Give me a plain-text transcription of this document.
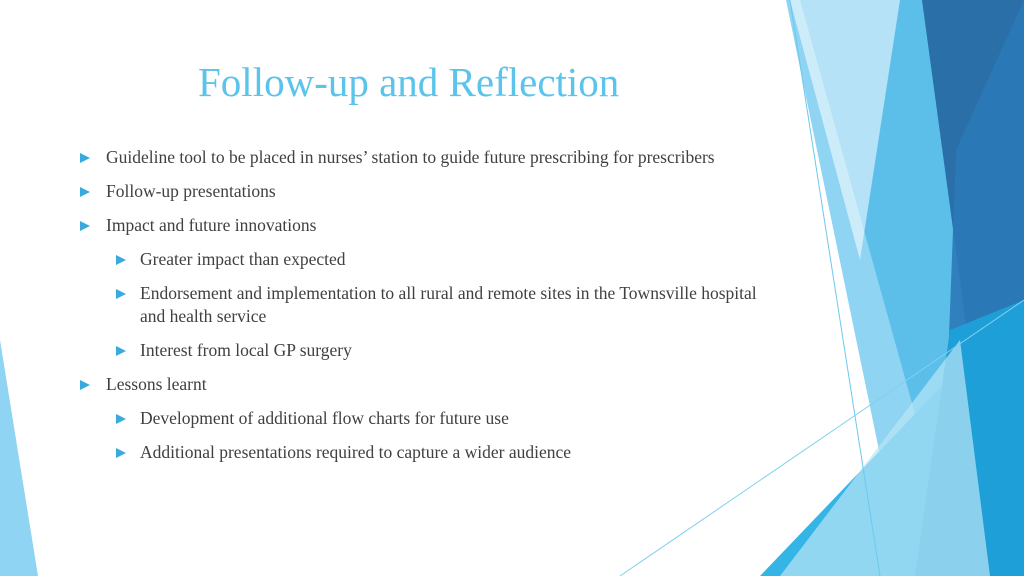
Follow-up and Reflection
Guideline tool to be placed in nurses’ station to guide future prescribing for prescribers
Follow-up presentations
Impact and future innovations
Greater impact than expected
Endorsement and implementation to all rural and remote sites in the Townsville hospital and health service
Interest from local GP surgery
Lessons learnt
Development of additional flow charts for future use
Additional presentations required to capture a wider audience
